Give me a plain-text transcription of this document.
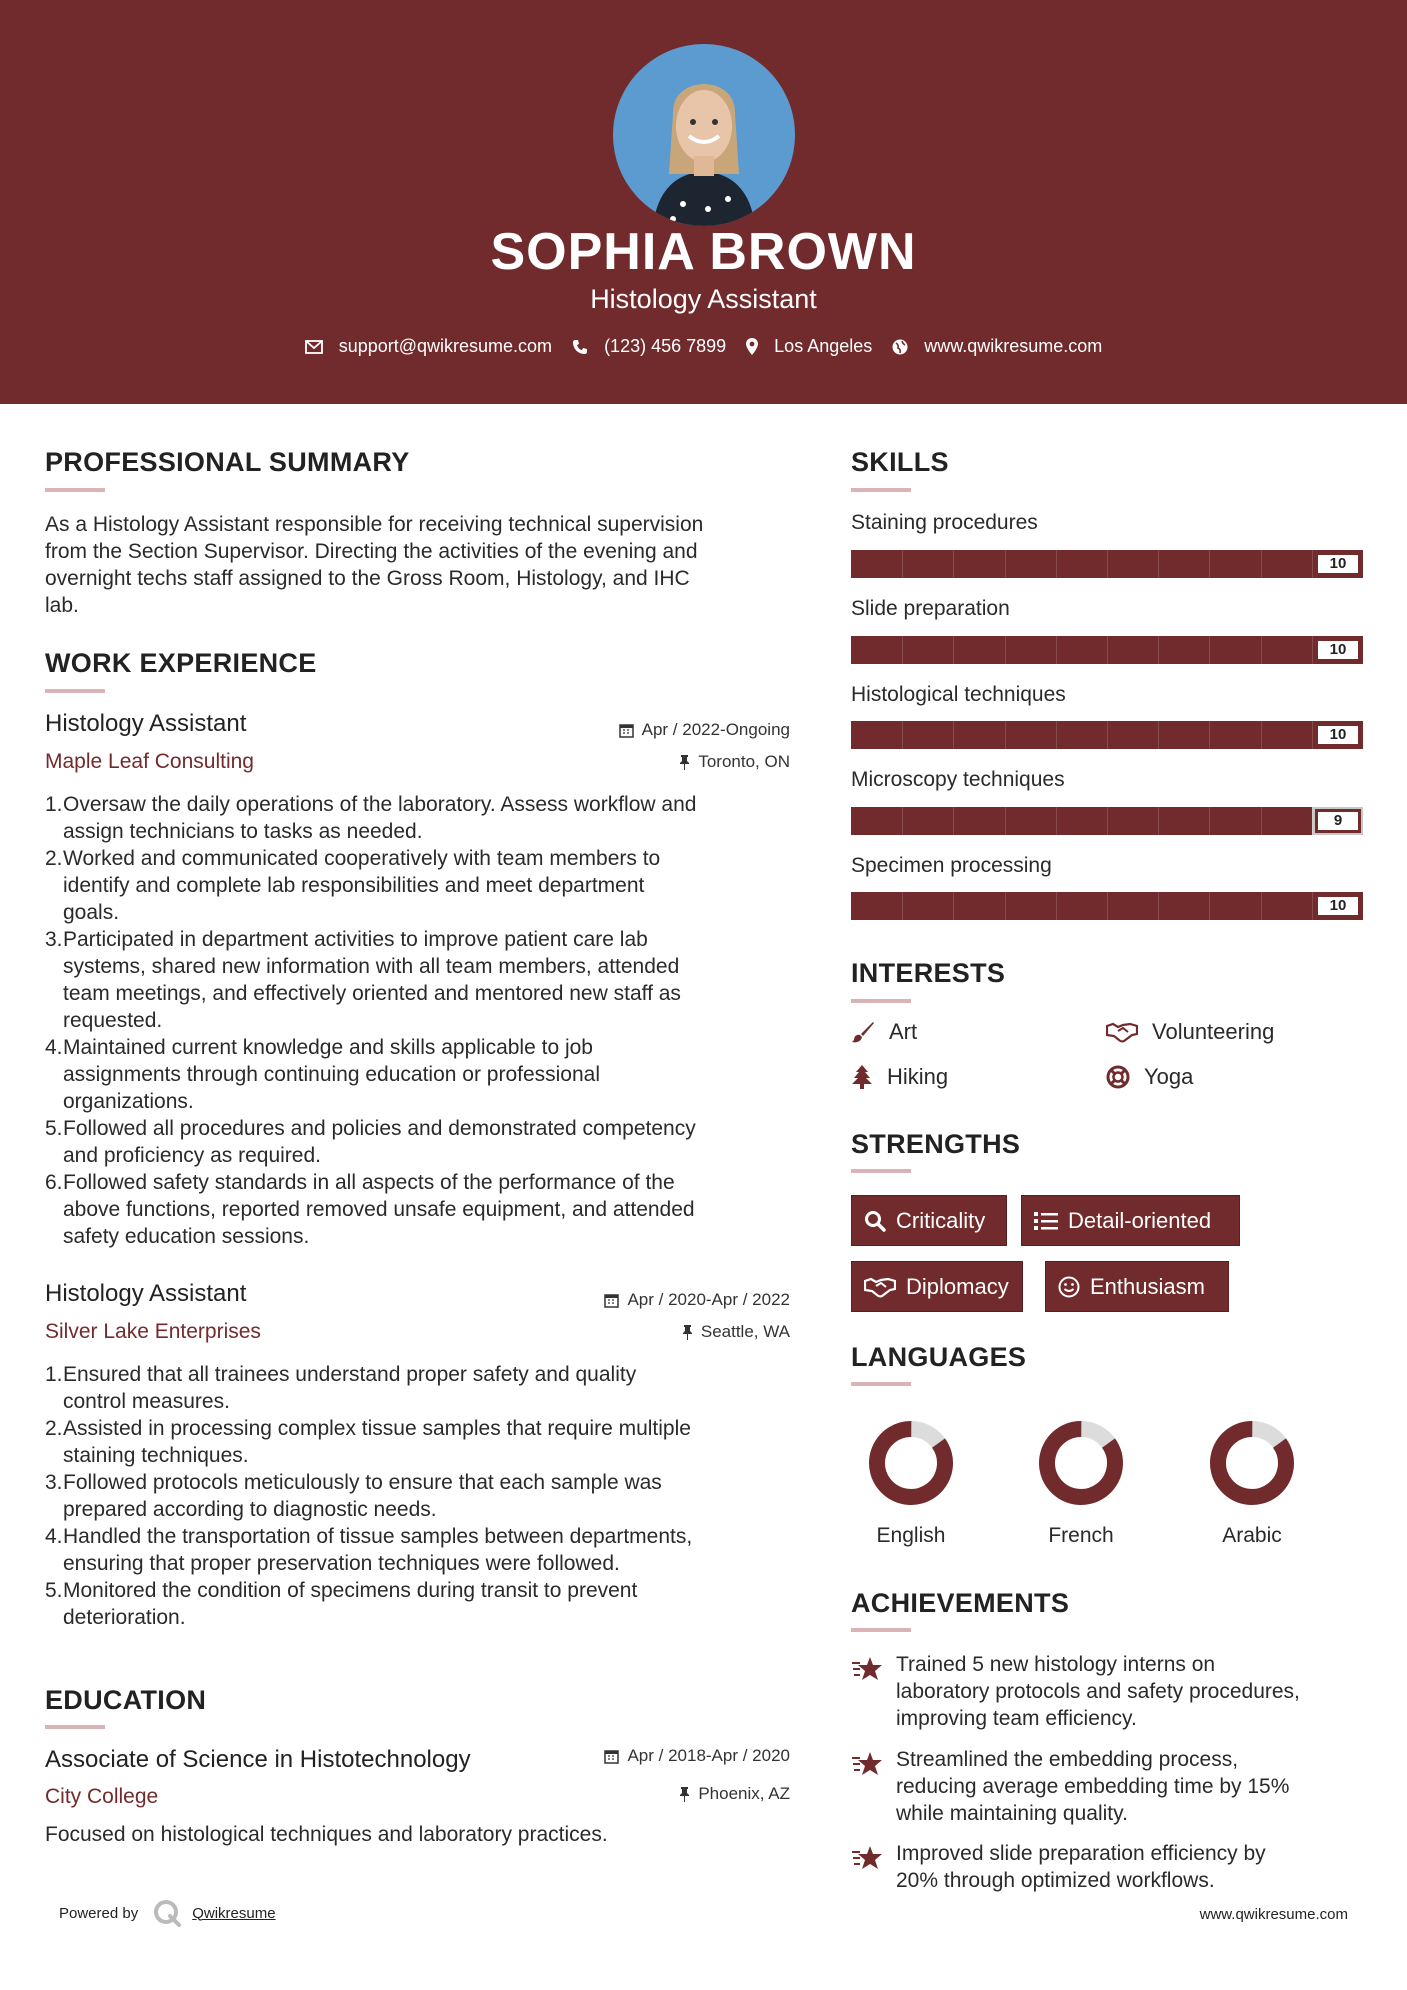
SOPHIA BROWN
Histology Assistant
support@qwikresume.com	(123) 456 7899	Los Angeles	www.qwikresume.com
PROFESSIONAL SUMMARY
As a Histology Assistant responsible for receiving technical supervision
from the Section Supervisor. Directing the activities of the evening and
overnight techs staff assigned to the Gross Room, Histology, and IHC
lab.
WORK EXPERIENCE
Histology Assistant	Apr / 2022-Ongoing
Maple Leaf Consulting	Toronto, ON
1. Oversaw the daily operations of the laboratory. Assess workflow and
assign technicians to tasks as needed.
2. Worked and communicated cooperatively with team members to
identify and complete lab responsibilities and meet department
goals.
3. Participated in department activities to improve patient care lab
systems, shared new information with all team members, attended
team meetings, and effectively oriented and mentored new staff as
requested.
4. Maintained current knowledge and skills applicable to job
assignments through continuing education or professional
organizations.
5. Followed all procedures and policies and demonstrated competency
and proficiency as required.
6. Followed safety standards in all aspects of the performance of the
above functions, reported removed unsafe equipment, and attended
safety education sessions.
Histology Assistant	Apr / 2020-Apr / 2022
Silver Lake Enterprises	Seattle, WA
1. Ensured that all trainees understand proper safety and quality
control measures.
2. Assisted in processing complex tissue samples that require multiple
staining techniques.
3. Followed protocols meticulously to ensure that each sample was
prepared according to diagnostic needs.
4. Handled the transportation of tissue samples between departments,
ensuring that proper preservation techniques were followed.
5. Monitored the condition of specimens during transit to prevent
deterioration.
EDUCATION
Associate of Science in Histotechnology	Apr / 2018-Apr / 2020
City College	Phoenix, AZ
Focused on histological techniques and laboratory practices.
SKILLS
Staining procedures
10
Slide preparation
10
Histological techniques
10
Microscopy techniques
9
Specimen processing
10
INTERESTS
Art	Volunteering
Hiking	Yoga
STRENGTHS
Criticality	Detail-oriented
Diplomacy	Enthusiasm
LANGUAGES
English	French	Arabic
ACHIEVEMENTS
Trained 5 new histology interns on
laboratory protocols and safety procedures,
improving team efficiency.
Streamlined the embedding process,
reducing average embedding time by 15%
while maintaining quality.
Improved slide preparation efficiency by
20% through optimized workflows.
Powered by	Qwikresume	www.qwikresume.com
